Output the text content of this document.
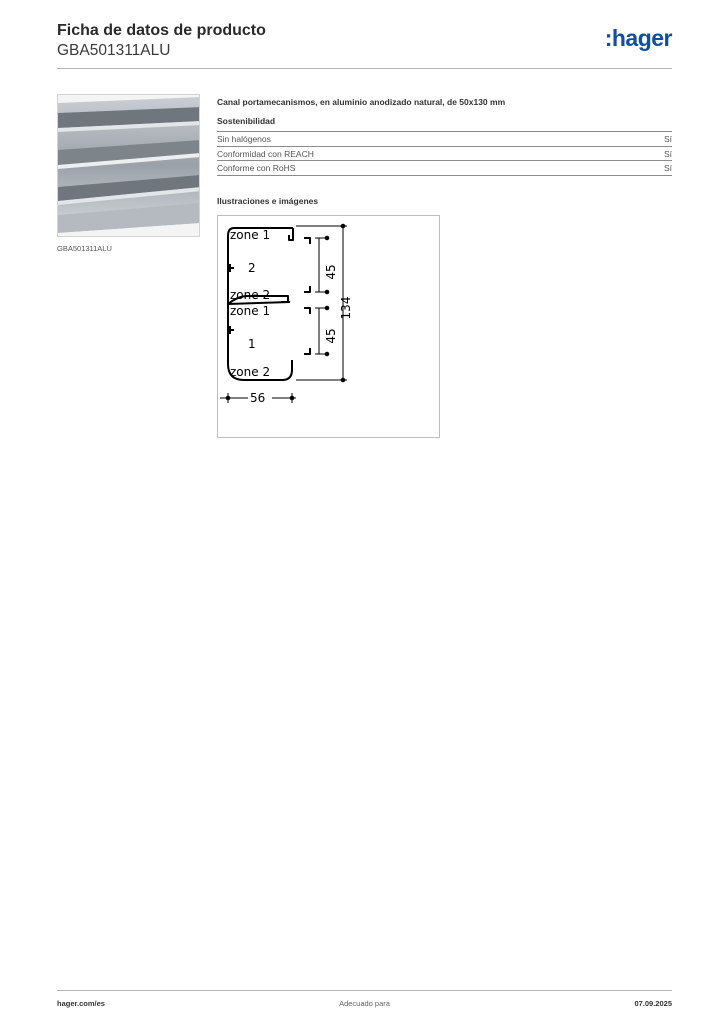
Ficha de datos de producto
GBA501311ALU	:hager
GBA501311ALU
Canal portamecanismos, en aluminio anodizado natural, de 50x130 mm
Sostenibilidad
Sin halógenos	Sí
Conformidad con REACH	Sí
Conforme con RoHS	Sí
Ilustraciones e imágenes
zone 1
2
zone 2
zone 1
1
zone 2
56
45
45
134
hager.com/es	Adecuado para	07.09.2025
